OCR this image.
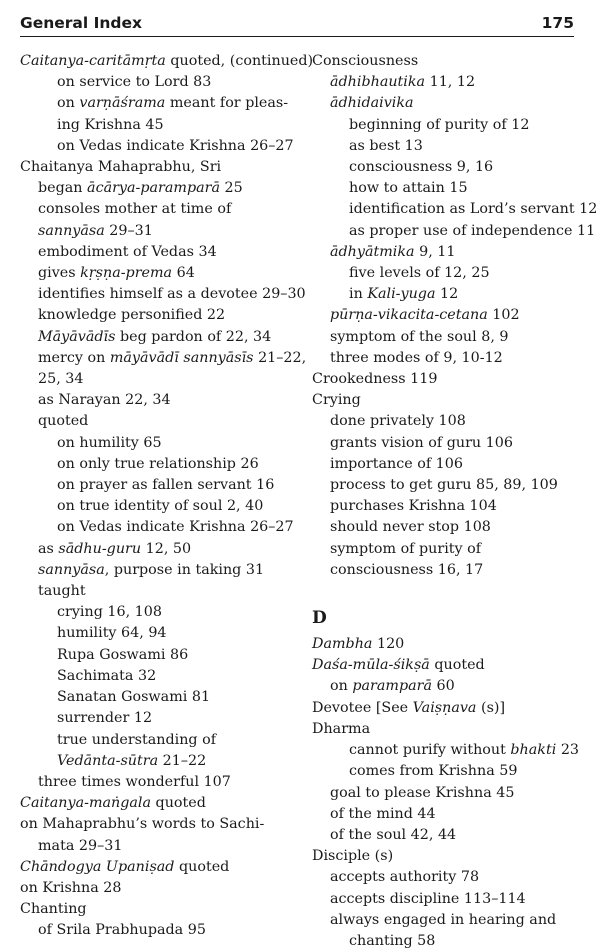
General Index	175
Caitanya-caritāmṛta quoted, (continued)
on service to Lord 83
on varṇāśrama meant for pleas-
ing Krishna 45
on Vedas indicate Krishna 26–27
Chaitanya Mahaprabhu, Sri
began ācārya-paramparā 25
consoles mother at time of
sannyāsa 29–31
embodiment of Vedas 34
gives kṛṣṇa-prema 64
identifies himself as a devotee 29–30
knowledge personified 22
Māyāvādīs beg pardon of 22, 34
mercy on māyāvādī sannyāsīs 21–22,
25, 34
as Narayan 22, 34
quoted
on humility 65
on only true relationship 26
on prayer as fallen servant 16
on true identity of soul 2, 40
on Vedas indicate Krishna 26–27
as sādhu-guru 12, 50
sannyāsa, purpose in taking 31
taught
crying 16, 108
humility 64, 94
Rupa Goswami 86
Sachimata 32
Sanatan Goswami 81
surrender 12
true understanding of
Vedānta-sūtra 21–22
three times wonderful 107
Caitanya-maṅgala quoted
on Mahaprabhu’s words to Sachi-
mata 29–31
Chāndogya Upaniṣad quoted
on Krishna 28
Chanting
of Srila Prabhupada 95
Consciousness
ādhibhautika 11, 12
ādhidaivika
beginning of purity of 12
as best 13
consciousness 9, 16
how to attain 15
identification as Lord’s servant 12
as proper use of independence 11
ādhyātmika 9, 11
five levels of 12, 25
in Kali-yuga 12
pūrṇa-vikacita-cetana 102
symptom of the soul 8, 9
three modes of 9, 10-12
Crookedness 119
Crying
done privately 108
grants vision of guru 106
importance of 106
process to get guru 85, 89, 109
purchases Krishna 104
should never stop 108
symptom of purity of
consciousness 16, 17
D
Dambha 120
Daśa-mūla-śikṣā quoted
on paramparā 60
Devotee [See Vaiṣṇava (s)]
Dharma
cannot purify without bhakti 23
comes from Krishna 59
goal to please Krishna 45
of the mind 44
of the soul 42, 44
Disciple (s)
accepts authority 78
accepts discipline 113–114
always engaged in hearing and
chanting 58
